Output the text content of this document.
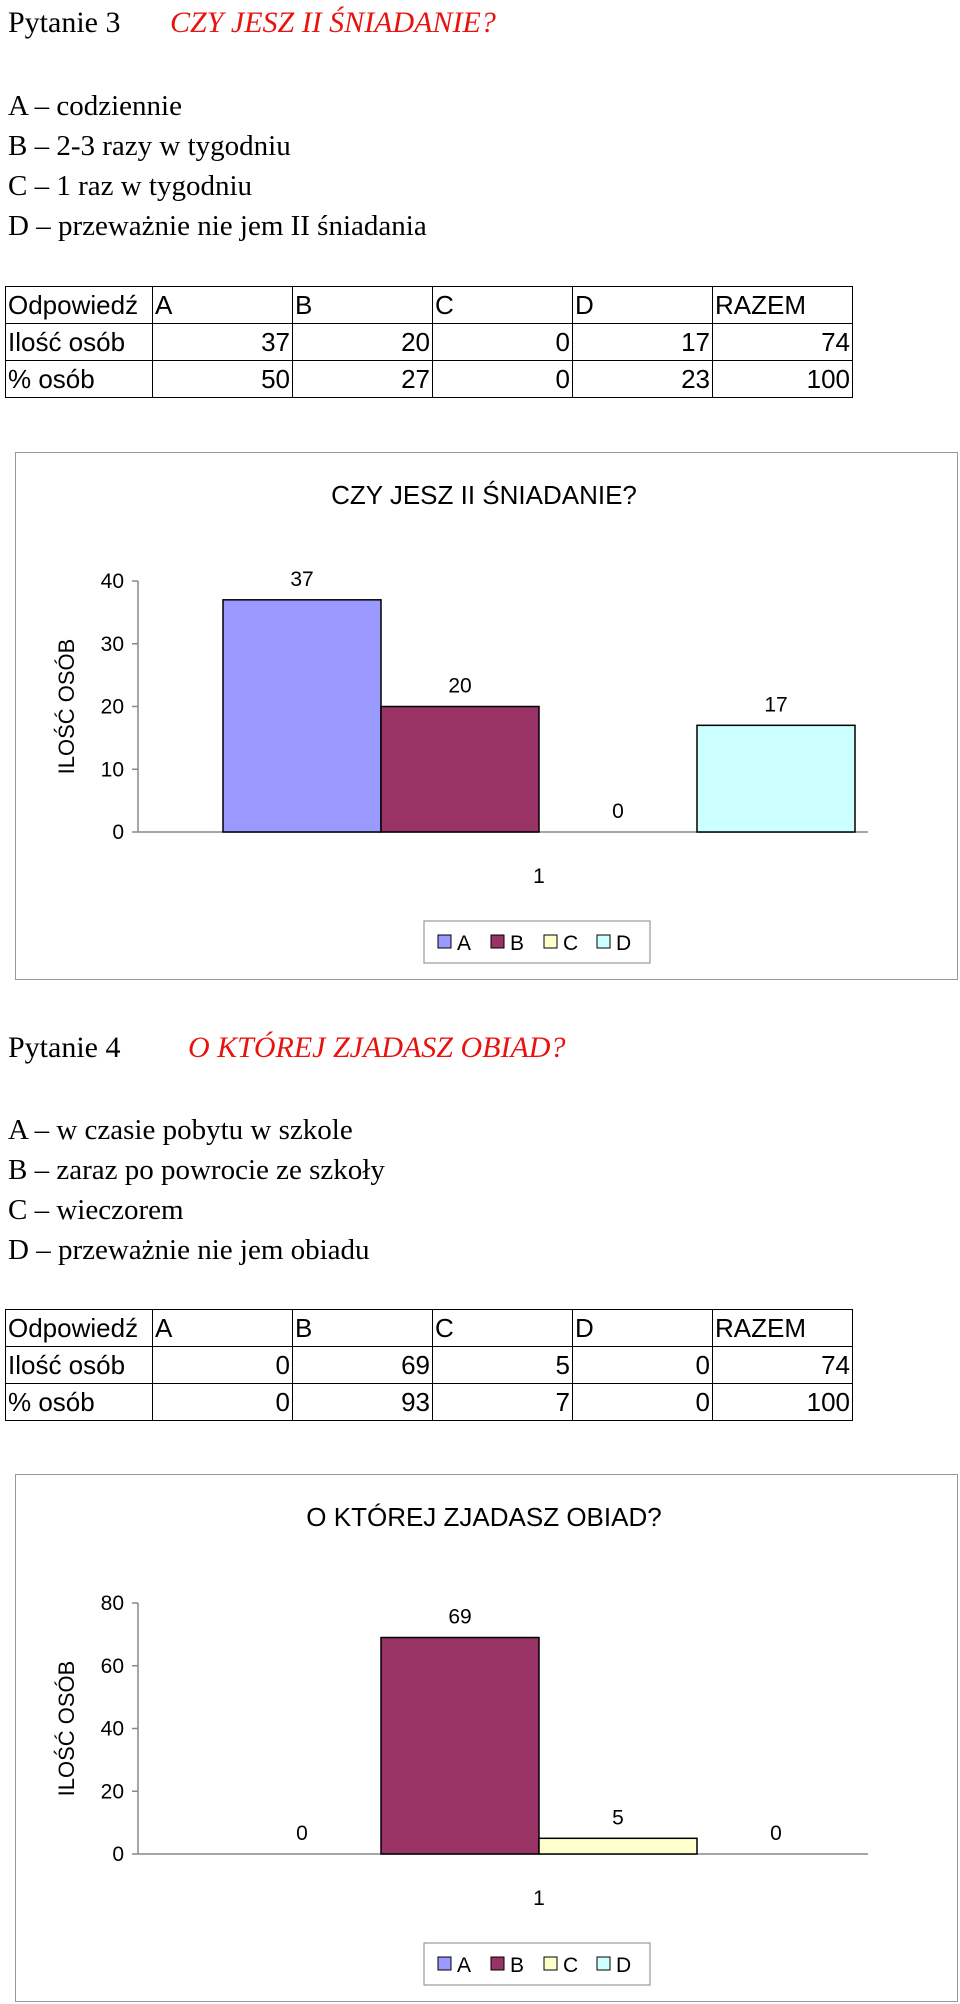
Pytanie 3 CZY JESZ II ŚNIADANIE?
A – codziennie
B – 2-3 razy w tygodniu
C – 1 raz w tygodniu
D – przeważnie nie jem II śniadania
Odpowiedź	A	B	C	D	RAZEM
Ilość osób	37	20	0	17	74
% osób	50	27	0	23	100
CZY JESZ II ŚNIADANIE?
ILOŚĆ OSÓB
0
10
20
30
40	37
20
0
17
1
A B C D
Pytanie 4 O KTÓREJ ZJADASZ OBIAD?
A – w czasie pobytu w szkole
B – zaraz po powrocie ze szkoły
C – wieczorem
D – przeważnie nie jem obiadu
Odpowiedź	A	B	C	D	RAZEM
Ilość osób	0	69	5	0	74
% osób	0	93	7	0	100
O KTÓREJ ZJADASZ OBIAD?
ILOŚĆ OSÓB
0
20
40
60
80
0
69
5
0
1
A B C D
